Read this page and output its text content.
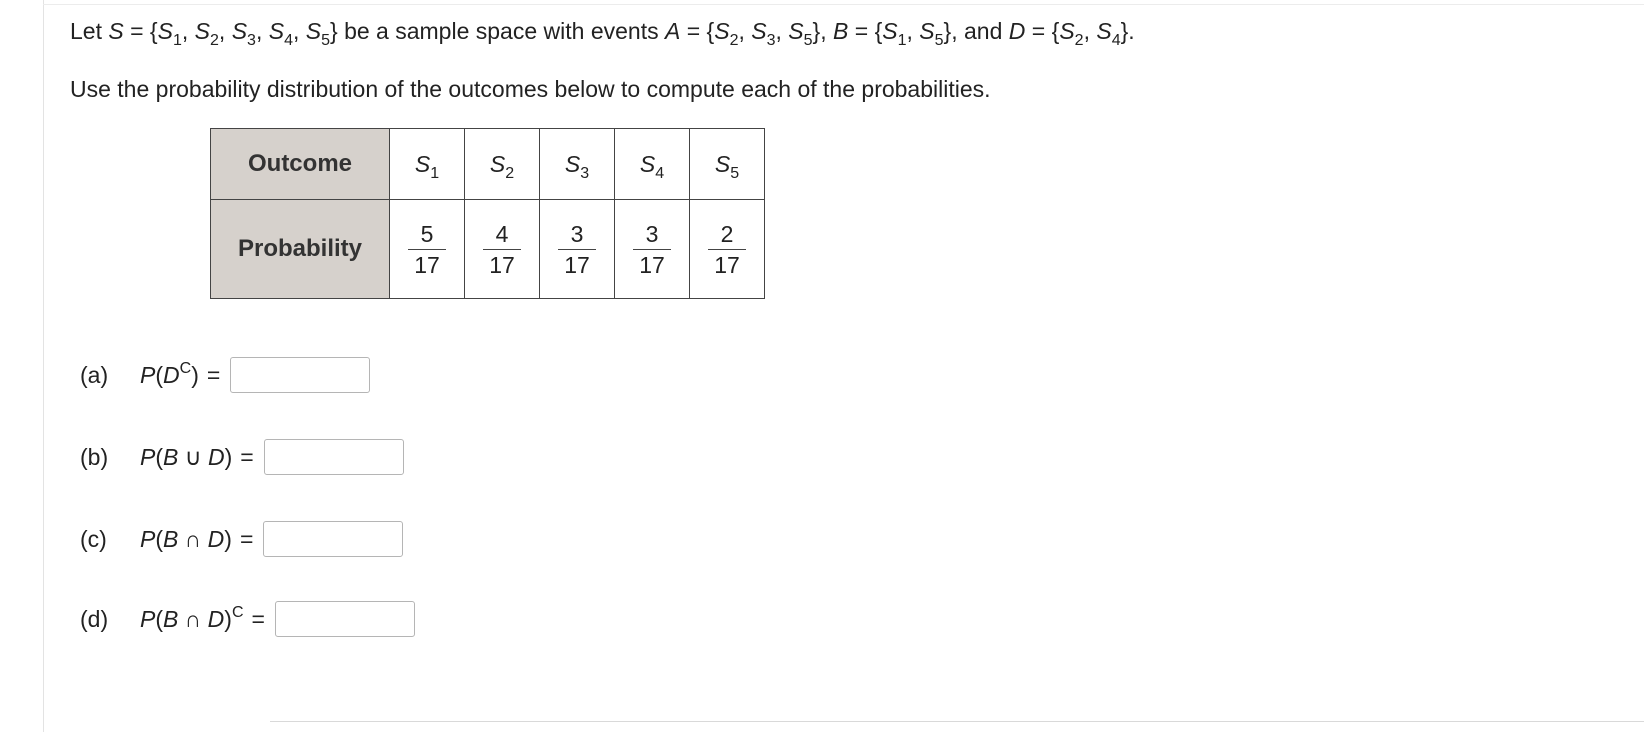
Let $S = \{S_1$, $S_2$, $S_3$, $S_4$, $S_5$} be a sample space with events $A = \{S_2$, $S_3$, $S_5$}, $B = \{S_1$, $S_5$}, and $D = \{S_2$, $S_4$}.
Use the probability distribution of the outcomes below to compute each of the probabilities.
Outcome	$S_1$	$S_2$	$S_3$	$S_4$	$S_5$
Probability	$\frac{5}{17}$	$\frac{4}{17}$	$\frac{3}{17}$	$\frac{3}{17}$	$\frac{2}{17}$
(a)	$P(D^C)$ =
(b)	P(B ∪ D) =
(c)	P(B ∩ D) =
(d)	P(B ∩ D)$^C$ =
